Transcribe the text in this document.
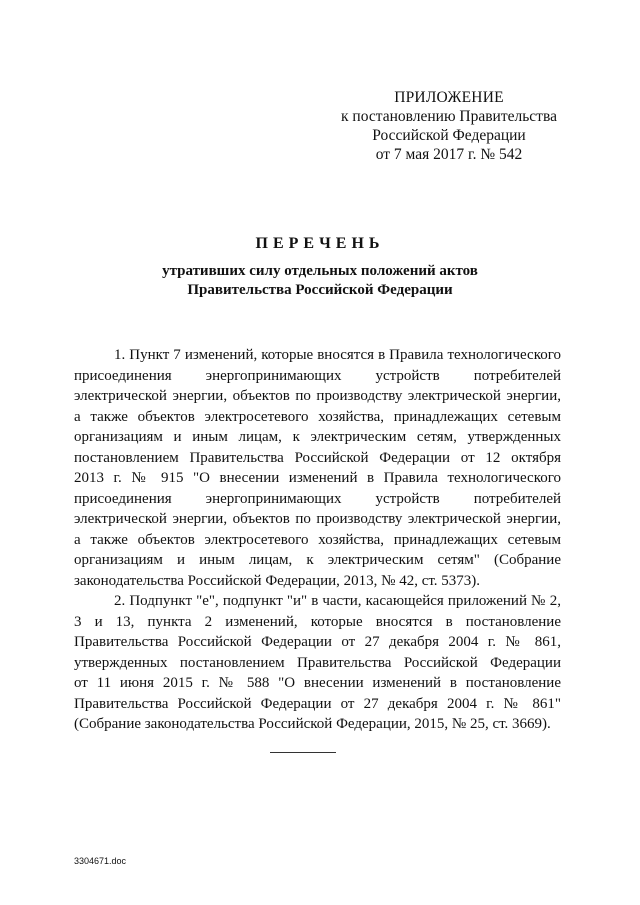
ПРИЛОЖЕНИЕ
к постановлению Правительства
Российской Федерации
от 7 мая 2017 г. № 542
ПЕРЕЧЕНЬ
утративших силу отдельных положений актов
Правительства Российской Федерации
1. Пункт 7 изменений, которые вносятся в Правила технологического
присоединения энергопринимающих устройств потребителей
электрической энергии, объектов по производству электрической энергии,
а также объектов электросетевого хозяйства, принадлежащих сетевым
организациям и иным лицам, к электрическим сетям, утвержденных
постановлением Правительства Российской Федерации от 12 октября
2013 г. № 915 "О внесении изменений в Правила технологического
присоединения энергопринимающих устройств потребителей
электрической энергии, объектов по производству электрической энергии,
а также объектов электросетевого хозяйства, принадлежащих сетевым
организациям и иным лицам, к электрическим сетям" (Собрание
законодательства Российской Федерации, 2013, № 42, ст. 5373).
2. Подпункт "е", подпункт "и" в части, касающейся приложений № 2,
3 и 13, пункта 2 изменений, которые вносятся в постановление
Правительства Российской Федерации от 27 декабря 2004 г. № 861,
утвержденных постановлением Правительства Российской Федерации
от 11 июня 2015 г. № 588 "О внесении изменений в постановление
Правительства Российской Федерации от 27 декабря 2004 г. № 861"
(Собрание законодательства Российской Федерации, 2015, № 25, ст. 3669).
3304671.doc
